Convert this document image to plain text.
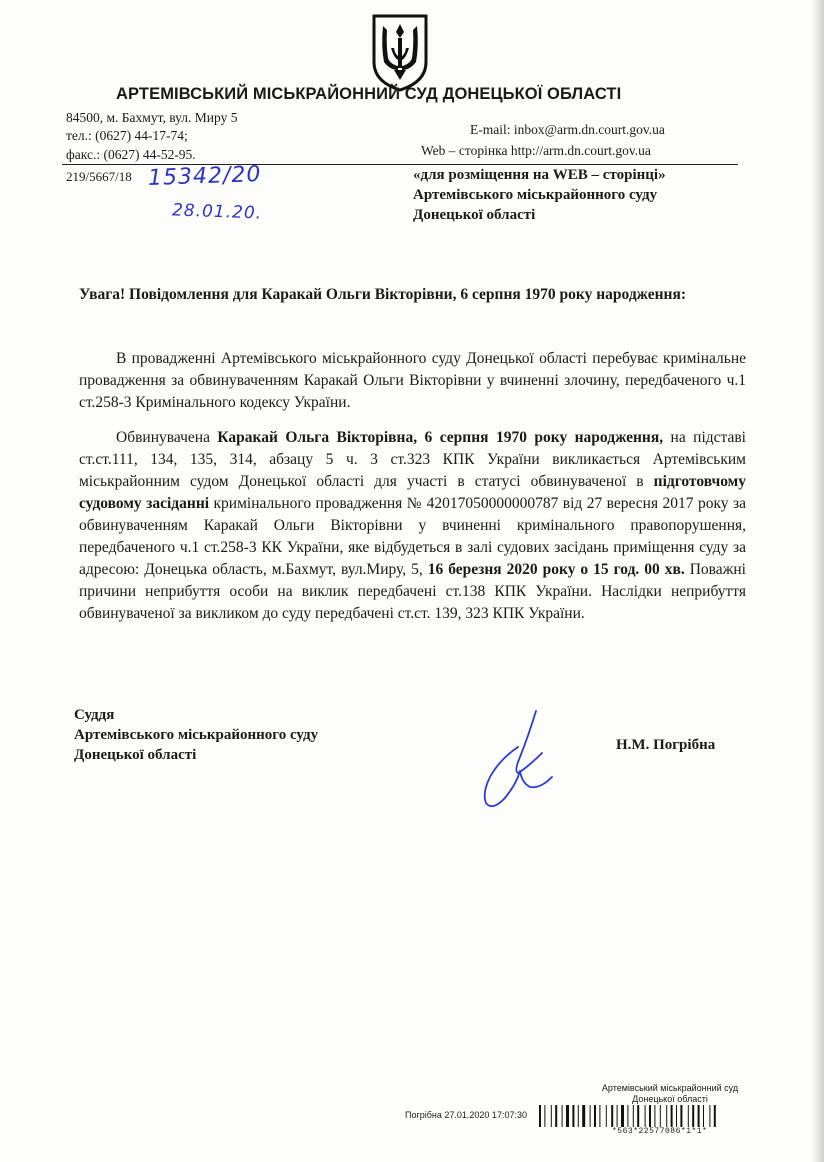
АРТЕМІВСЬКИЙ МІСЬКРАЙОННИЙ СУД ДОНЕЦЬКОЇ ОБЛАСТІ
84500, м. Бахмут, вул. Миру 5
тел.: (0627) 44-17-74;
факс.: (0627) 44-52-95.
E-mail: inbox@arm.dn.court.gov.ua
Web – сторінка http://arm.dn.court.gov.ua
219/5667/18 15342/20
28.01.20.
«для розміщення на WEB – сторінці»
Артемівського міськрайонного суду
Донецької області
Увага! Повідомлення для Каракай Ольги Вікторівни, 6 серпня 1970 року народження:
В провадженні Артемівського міськрайонного суду Донецької області перебуває кримінальне провадження за обвинуваченням Каракай Ольги Вікторівни у вчиненні злочину, передбаченого ч.1 ст.258-3 Кримінального кодексу України.
Обвинувачена Каракай Ольга Вікторівна, 6 серпня 1970 року народження, на підставі ст.ст.111, 134, 135, 314, абзацу 5 ч. 3 ст.323 КПК України викликається Артемівським міськрайонним судом Донецької області для участі в статусі обвинуваченої в підготовчому судовому засіданні кримінального провадження № 42017050000000787 від 27 вересня 2017 року за обвинуваченням Каракай Ольги Вікторівни у вчиненні кримінального правопорушення, передбаченого ч.1 ст.258-3 КК України, яке відбудеться в залі судових засідань приміщення суду за адресою: Донецька область, м.Бахмут, вул.Миру, 5, 16 березня 2020 року о 15 год. 00 хв. Поважні причини неприбуття особи на виклик передбачені ст.138 КПК України. Наслідки неприбуття обвинуваченої за викликом до суду передбачені ст.ст. 139, 323 КПК України.
Суддя
Артемівського міськрайонного суду
Донецької області
Н.М. Погрібна
Артемівський міськрайонний суд
Донецької області
Погрібна 27.01.2020 17:07:30
*563*22577086*1*1*
